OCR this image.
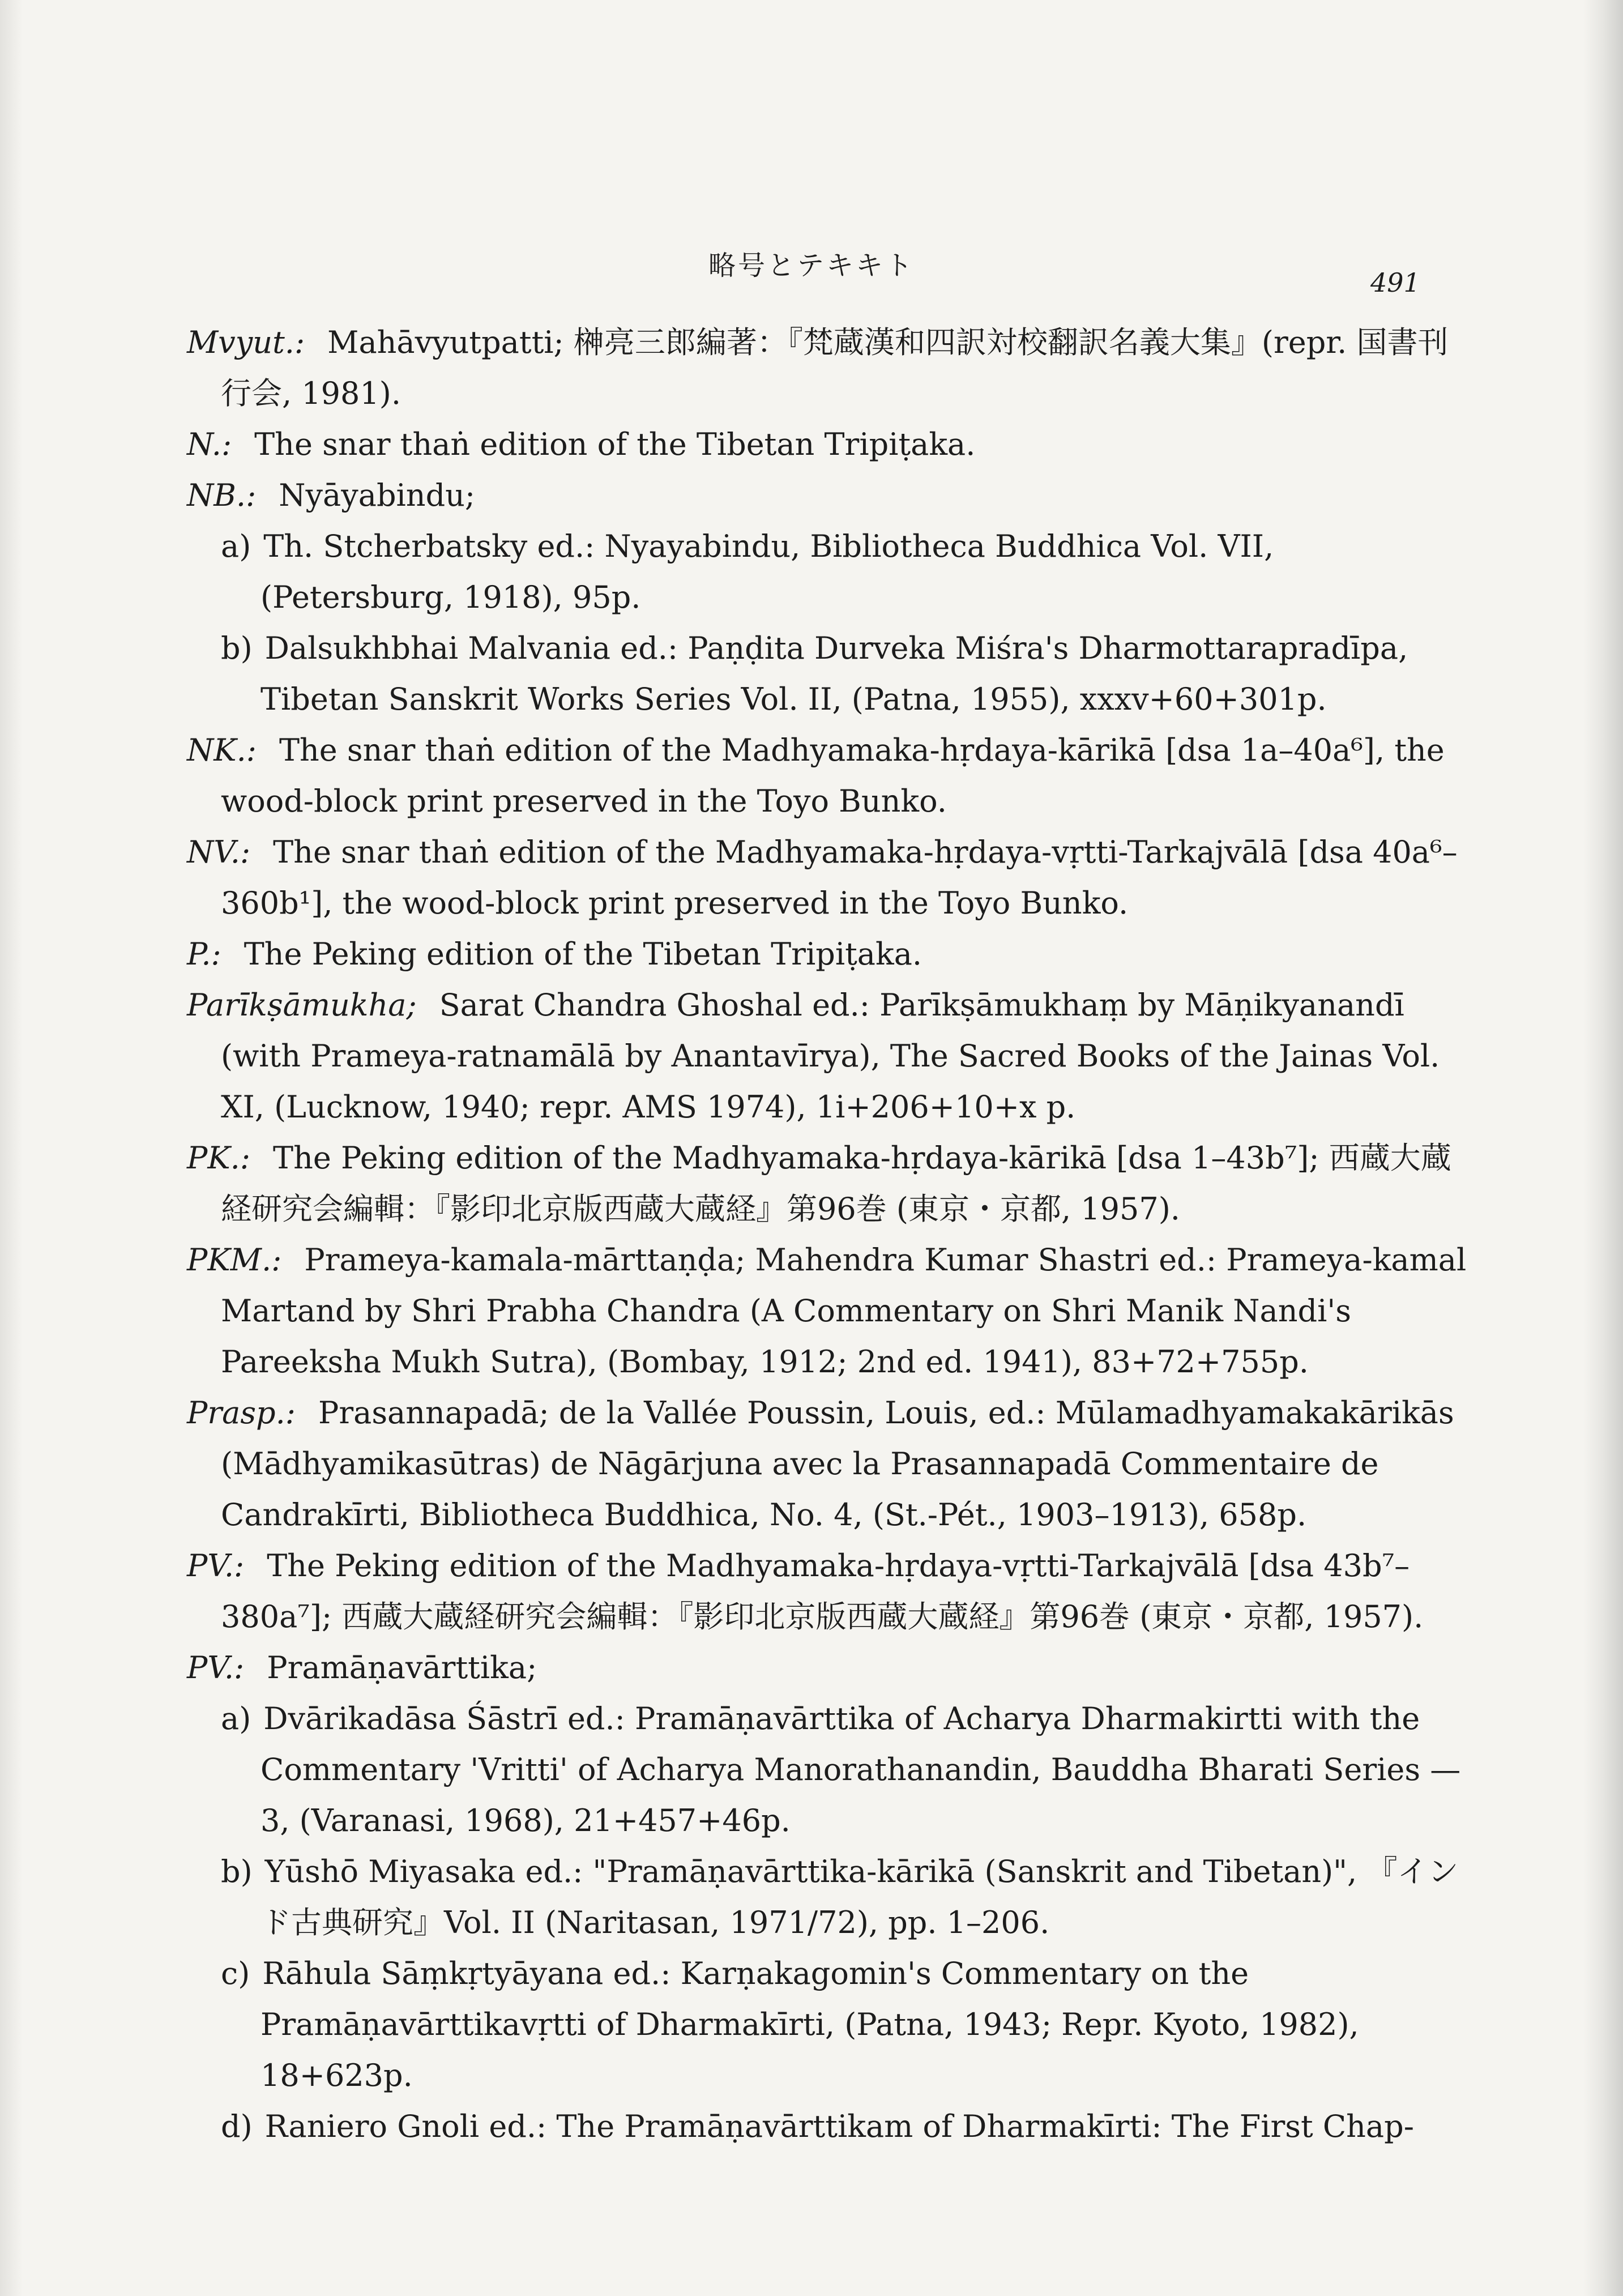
略号とテキキト
491

Mvyut.: Mahāvyutpatti; 榊亮三郎編著：『梵蔵漢和四訳対校翻訳名義大集』(repr. 国書刊行会, 1981).

N.: The snar thaṅ edition of the Tibetan Tripiṭaka.

NB.: Nyāyabindu;

a) Th. Stcherbatsky ed.: Nyayabindu, Bibliotheca Buddhica Vol. VII, (Petersburg, 1918), 95p.

b) Dalsukhbhai Malvania ed.: Paṇḍita Durveka Miśra's Dharmottarapradīpa, Tibetan Sanskrit Works Series Vol. II, (Patna, 1955), xxxv+60+301p.

NK.: The snar thaṅ edition of the Madhyamaka-hṛdaya-kārikā [dsa 1a–40a⁶], the wood-block print preserved in the Toyo Bunko.

NV.: The snar thaṅ edition of the Madhyamaka-hṛdaya-vṛtti-Tarkajvālā [dsa 40a⁶–360b¹], the wood-block print preserved in the Toyo Bunko.

P.: The Peking edition of the Tibetan Tripiṭaka.

Parīkṣāmukha; Sarat Chandra Ghoshal ed.: Parīkṣāmukhaṃ by Māṇikyanandī (with Prameya-ratnamālā by Anantavīrya), The Sacred Books of the Jainas Vol. XI, (Lucknow, 1940; repr. AMS 1974), 1i+206+10+x p.

PK.: The Peking edition of the Madhyamaka-hṛdaya-kārikā [dsa 1–43b⁷]; 西蔵大蔵経研究会編輯：『影印北京版西蔵大蔵経』第96巻 (東京・京都, 1957).

PKM.: Prameya-kamala-mārttaṇḍa; Mahendra Kumar Shastri ed.: Prameya-kamal Martand by Shri Prabha Chandra (A Commentary on Shri Manik Nandi's Pareeksha Mukh Sutra), (Bombay, 1912; 2nd ed. 1941), 83+72+755p.

Prasp.: Prasannapadā; de la Vallée Poussin, Louis, ed.: Mūlamadhyamakakārikās (Mādhyamikasūtras) de Nāgārjuna avec la Prasannapadā Commentaire de Candrakīrti, Bibliotheca Buddhica, No. 4, (St.-Pét., 1903–1913), 658p.

PV.: The Peking edition of the Madhyamaka-hṛdaya-vṛtti-Tarkajvālā [dsa 43b⁷–380a⁷]; 西蔵大蔵経研究会編輯：『影印北京版西蔵大蔵経』第96巻 (東京・京都, 1957).

PV.: Pramāṇavārttika;

a) Dvārikadāsa Śāstrī ed.: Pramāṇavārttika of Acharya Dharmakirtti with the Commentary 'Vritti' of Acharya Manorathanandin, Bauddha Bharati Series —3, (Varanasi, 1968), 21+457+46p.

b) Yūshō Miyasaka ed.: "Pramāṇavārttika-kārikā (Sanskrit and Tibetan)", 『インド古典研究』Vol. II (Naritasan, 1971/72), pp. 1–206.

c) Rāhula Sāṃkṛtyāyana ed.: Karṇakagomin's Commentary on the Pramāṇavārttikavṛtti of Dharmakīrti, (Patna, 1943; Repr. Kyoto, 1982), 18+623p.

d) Raniero Gnoli ed.: The Pramāṇavārttikam of Dharmakīrti: The First Chap-
